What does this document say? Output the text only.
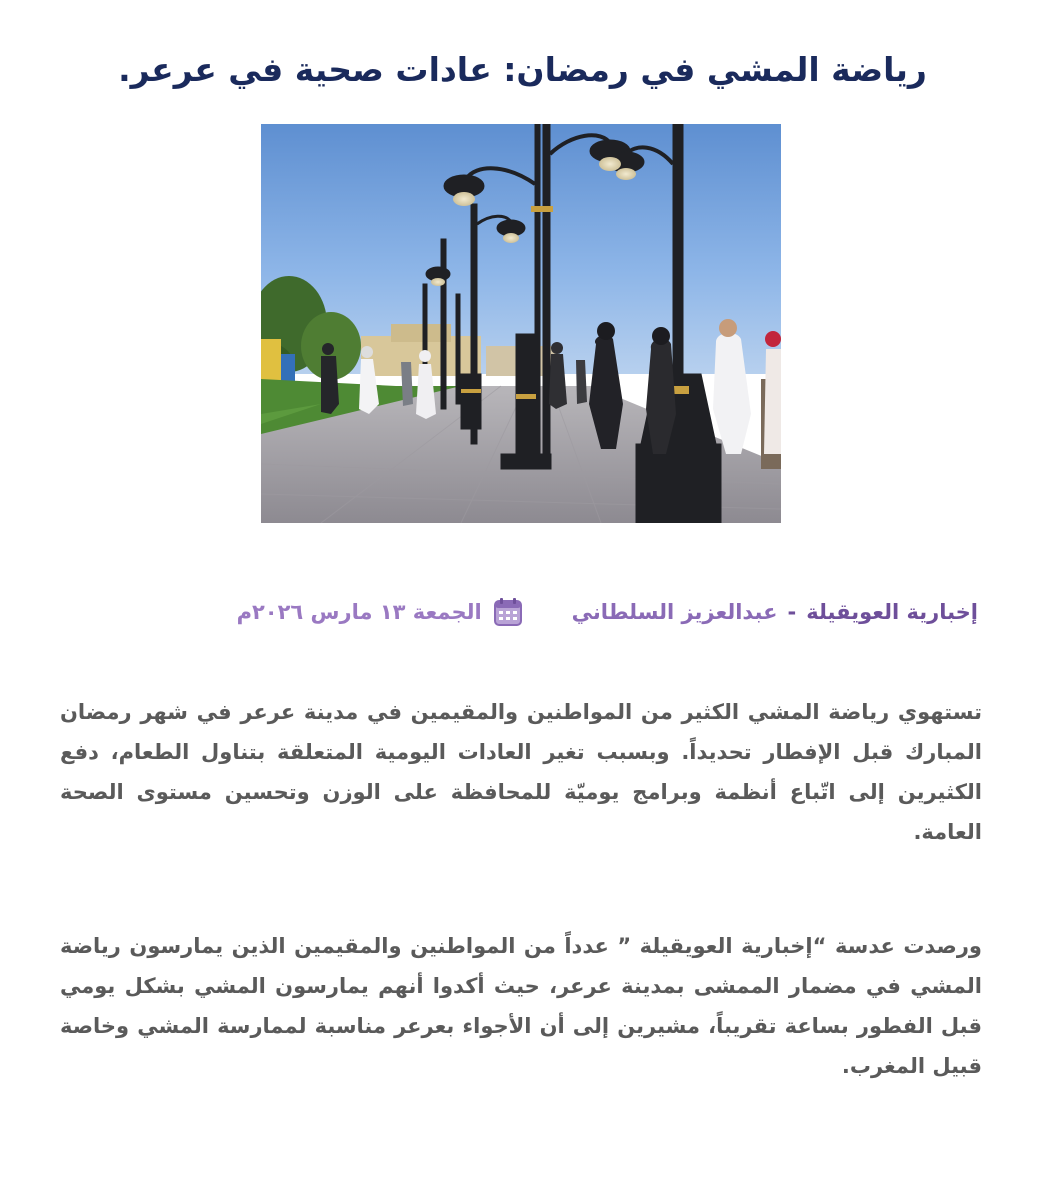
رياضة المشي في رمضان: عادات صحية في عرعر.
إخبارية العويقيلة
-
عبدالعزيز السلطاني
الجمعة ١٣ مارس ٢٠٢٦م

تستهوي رياضة المشي الكثير من المواطنين والمقيمين في مدينة عرعر في شهر رمضان المبارك قبل الإفطار تحديداً. وبسبب تغير العادات اليومية المتعلقة بتناول الطعام، دفع الكثيرين إلى اتّباع أنظمة وبرامج يوميّة للمحافظة على الوزن وتحسين مستوى الصحة العامة.

ورصدت عدسة “إخبارية العويقيلة ” عدداً من المواطنين والمقيمين الذين يمارسون رياضة المشي في مضمار الممشى بمدينة عرعر، حيث أكدوا أنهم يمارسون المشي بشكل يومي قبل الفطور بساعة تقريباً، مشيرين إلى أن الأجواء بعرعر مناسبة لممارسة المشي وخاصة قبيل المغرب.
